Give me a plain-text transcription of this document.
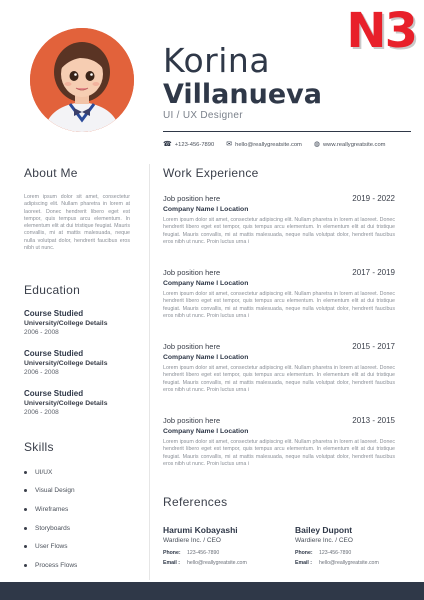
N3
Korina
Villanueva
UI / UX Designer
☎ +123-456-7890 ✉ hello@reallygreatsite.com ◍ www.reallygreatsite.com
About Me
Lorem ipsum dolor sit amet, consectetur adipiscing elit. Nullam pharetra in lorem at laoreet. Donec hendrerit libero eget est tempor, quis tempus arcu elementum. In elementum elit at dui tristique feugiat. Mauris convallis, mi at mattis malesuada, neque nulla volutpat dolor, hendrerit faucibus eros nibh ut nunc.
Education
Course Studied
University/College Details
2006 - 2008
Course Studied
University/College Details
2006 - 2008
Course Studied
University/College Details
2006 - 2008
Skills
UI/UX
Visual Design
Wireframes
Storyboards
User Flows
Process Flows
Work Experience
Job position here	2019 - 2022
Company Name l Location
Lorem ipsum dolor sit amet, consectetur adipiscing elit. Nullam pharetra in lorem at laoreet. Donec hendrerit libero eget est tempor, quis tempus arcu elementum. In elementum elit at dui tristique feugiat. Mauris convallis, mi at mattis malesuada, neque nulla volutpat dolor, hendrerit faucibus eros nibh ut nunc. Proin luctus urna i
Job position here	2017 - 2019
Company Name l Location
Lorem ipsum dolor sit amet, consectetur adipiscing elit. Nullam pharetra in lorem at laoreet. Donec hendrerit libero eget est tempor, quis tempus arcu elementum. In elementum elit at dui tristique feugiat. Mauris convallis, mi at mattis malesuada, neque nulla volutpat dolor, hendrerit faucibus eros nibh ut nunc. Proin luctus urna i
Job position here	2015 - 2017
Company Name l Location
Lorem ipsum dolor sit amet, consectetur adipiscing elit. Nullam pharetra in lorem at laoreet. Donec hendrerit libero eget est tempor, quis tempus arcu elementum. In elementum elit at dui tristique feugiat. Mauris convallis, mi at mattis malesuada, neque nulla volutpat dolor, hendrerit faucibus eros nibh ut nunc. Proin luctus urna i
Job position here	2013 - 2015
Company Name l Location
Lorem ipsum dolor sit amet, consectetur adipiscing elit. Nullam pharetra in lorem at laoreet. Donec hendrerit libero eget est tempor, quis tempus arcu elementum. In elementum elit at dui tristique feugiat. Mauris convallis, mi at mattis malesuada, neque nulla volutpat dolor, hendrerit faucibus eros nibh ut nunc. Proin luctus urna i
References
Harumi Kobayashi
Wardiere Inc. / CEO
Phone:	123-456-7890
Email :	hello@reallygreatsite.com
Bailey Dupont
Wardiere Inc. / CEO
Phone:	123-456-7890
Email :	hello@reallygreatsite.com
